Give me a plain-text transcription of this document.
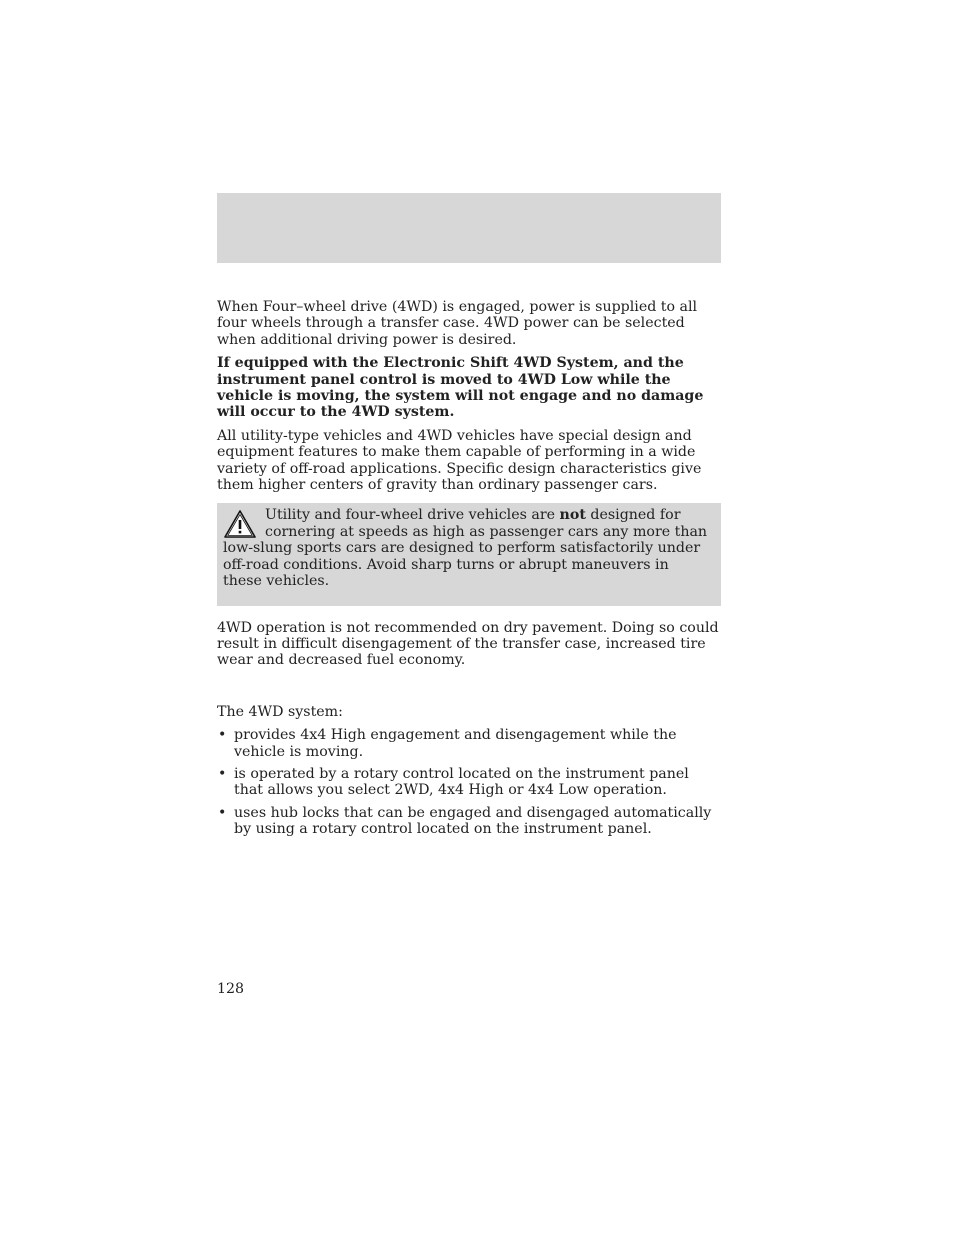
When Four–wheel drive (4WD) is engaged, power is supplied to all four wheels through a transfer case. 4WD power can be selected when additional driving power is desired.

If equipped with the Electronic Shift 4WD System, and the instrument panel control is moved to 4WD Low while the vehicle is moving, the system will not engage and no damage will occur to the 4WD system.

All utility-type vehicles and 4WD vehicles have special design and equipment features to make them capable of performing in a wide variety of off-road applications. Specific design characteristics give them higher centers of gravity than ordinary passenger cars.

Utility and four-wheel drive vehicles are not designed for cornering at speeds as high as passenger cars any more than low-slung sports cars are designed to perform satisfactorily under off-road conditions. Avoid sharp turns or abrupt maneuvers in these vehicles.

4WD operation is not recommended on dry pavement. Doing so could result in difficult disengagement of the transfer case, increased tire wear and decreased fuel economy.

The 4WD system:

• provides 4x4 High engagement and disengagement while the vehicle is moving.
• is operated by a rotary control located on the instrument panel that allows you select 2WD, 4x4 High or 4x4 Low operation.
• uses hub locks that can be engaged and disengaged automatically by using a rotary control located on the instrument panel.
128
